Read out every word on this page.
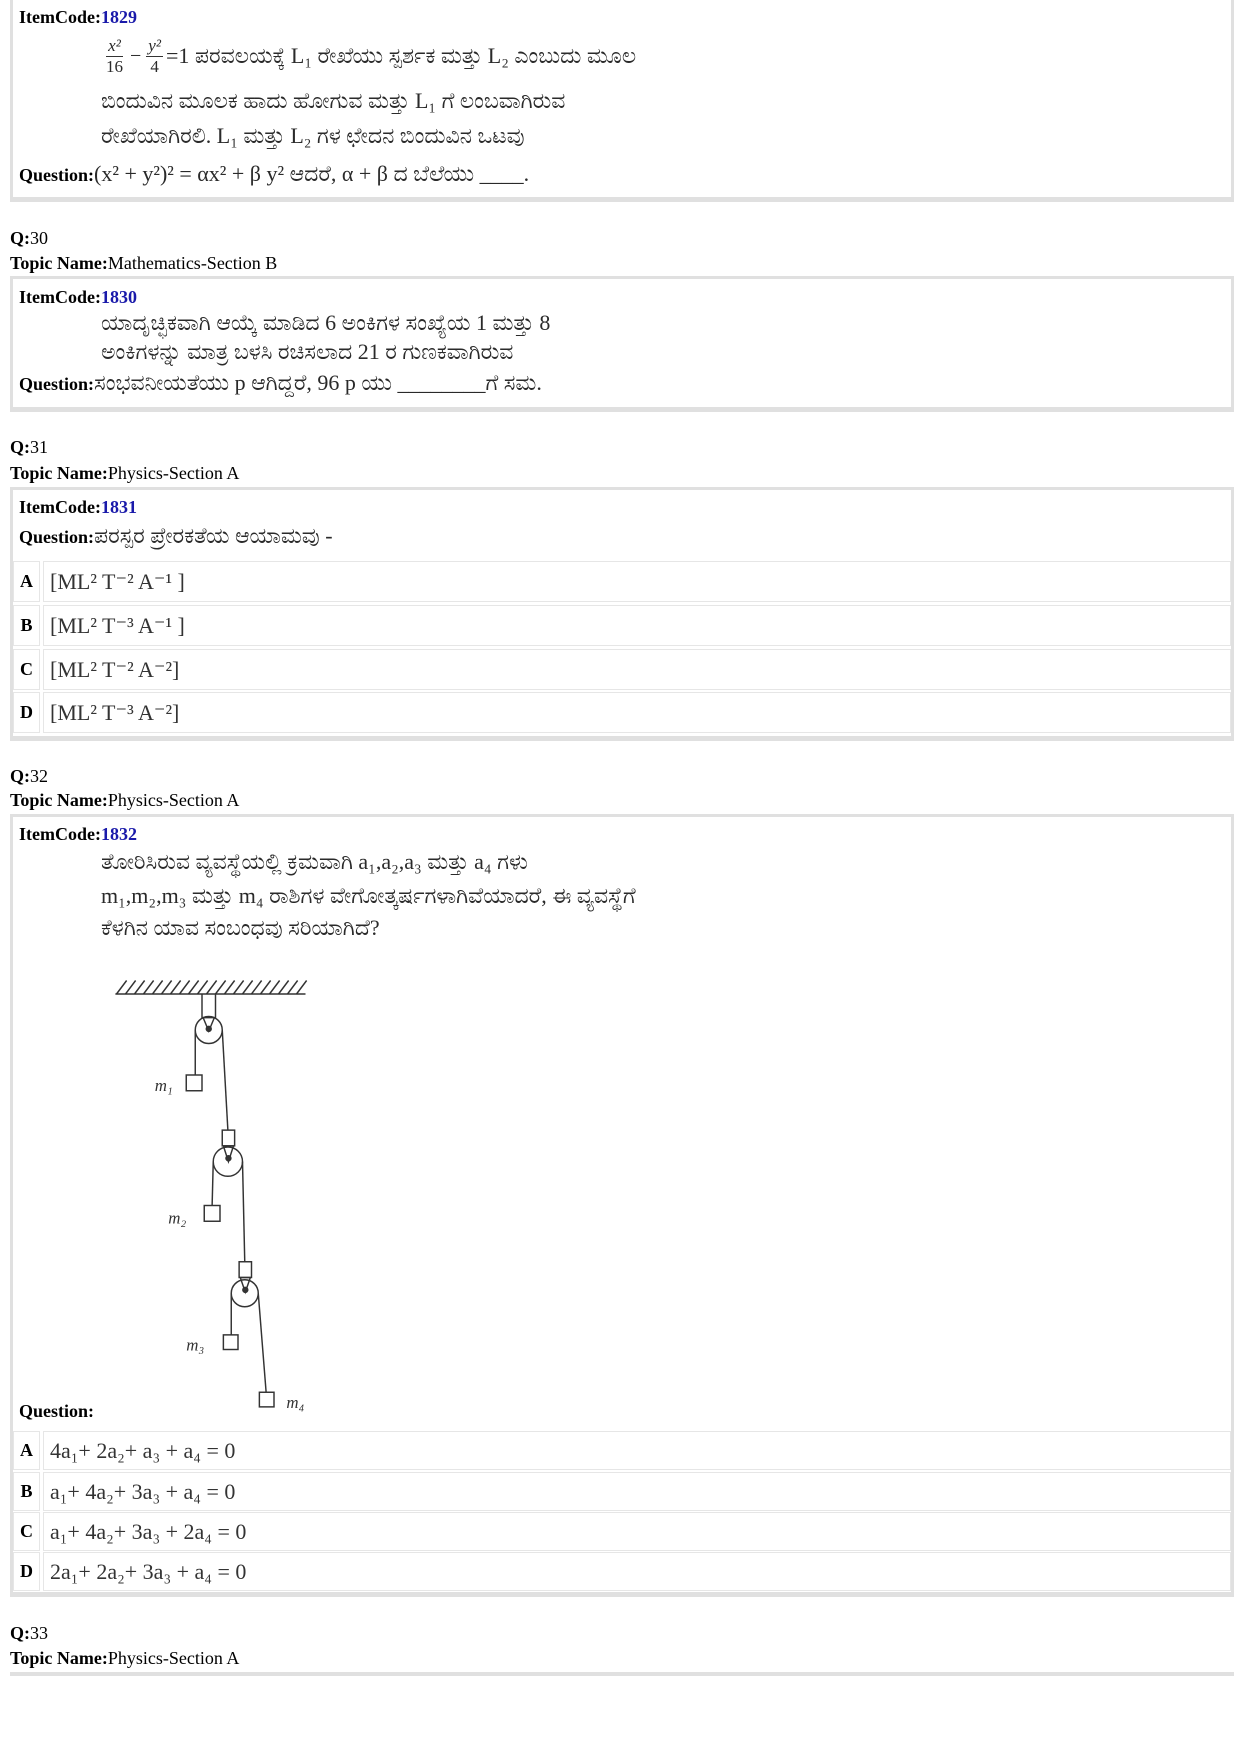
ItemCode: 1829
$\frac{\text{x²}}{16} - \frac{\text{y²}}{4} =1$ ಪರವಲಯಕ್ಕೆ L₁ ರೇಖೆಯು ಸ್ಪರ್ಶಕ ಮತ್ತು L₂ ಎಂಬುದು ಮೂಲ
ಬಿಂದುವಿನ ಮೂಲಕ ಹಾದು ಹೋಗುವ ಮತ್ತು L₁ ಗೆ ಲಂಬವಾಗಿರುವ
ರೇಖೆಯಾಗಿರಲಿ. L₁ ಮತ್ತು L₂ ಗಳ ಛೇದನ ಬಿಂದುವಿನ ಒಟವು
Question: (x² + y²)² = αx² + β y² ಆದರೆ, α + β ದ ಬೆಲೆಯು ____.
Q: 30
Topic Name: Mathematics-Section B
ItemCode: 1830
ಯಾದೃಚ್ಛಿಕವಾಗಿ ಆಯ್ಕೆ ಮಾಡಿದ 6 ಅಂಕಿಗಳ ಸಂಖ್ಯೆಯ 1 ಮತ್ತು 8
ಅಂಕಿಗಳನ್ನು ಮಾತ್ರ ಬಳಸಿ ರಚಿಸಲಾದ 21 ರ ಗುಣಕವಾಗಿರುವ
Question: ಸಂಭವನೀಯತೆಯು p ಆಗಿದ್ದರೆ, 96 p ಯು ________ಗೆ ಸಮ.
Q: 31
Topic Name: Physics-Section A
ItemCode: 1831
Question: ಪರಸ್ಪರ ಪ್ರೇರಕತೆಯ ಆಯಾಮವು -
A [ML² T⁻² A⁻¹ ]
B [ML² T⁻³ A⁻¹ ]
C [ML² T⁻² A⁻²]
D [ML² T⁻³ A⁻²]
Q: 32
Topic Name: Physics-Section A
ItemCode: 1832
ತೋರಿಸಿರುವ ವ್ಯವಸ್ಥೆಯಲ್ಲಿ ಕ್ರಮವಾಗಿ a₁,a₂,a₃ ಮತ್ತು a₄ ಗಳು
m₁,m₂,m₃ ಮತ್ತು m₄ ರಾಶಿಗಳ ವೇಗೋತ್ಕರ್ಷಗಳಾಗಿವೆಯಾದರೆ, ಈ ವ್ಯವಸ್ಥೆಗೆ
ಕೆಳಗಿನ ಯಾವ ಸಂಬಂಧವು ಸರಿಯಾಗಿದೆ?
m₁
m₂
m₃
m₄
Question:
A 4a₁+ 2a₂+ a₃ + a₄ = 0
B a₁+ 4a₂+ 3a₃ + a₄ = 0
C a₁+ 4a₂+ 3a₃ + 2a₄ = 0
D 2a₁+ 2a₂+ 3a₃ + a₄ = 0
Q: 33
Topic Name: Physics-Section A
